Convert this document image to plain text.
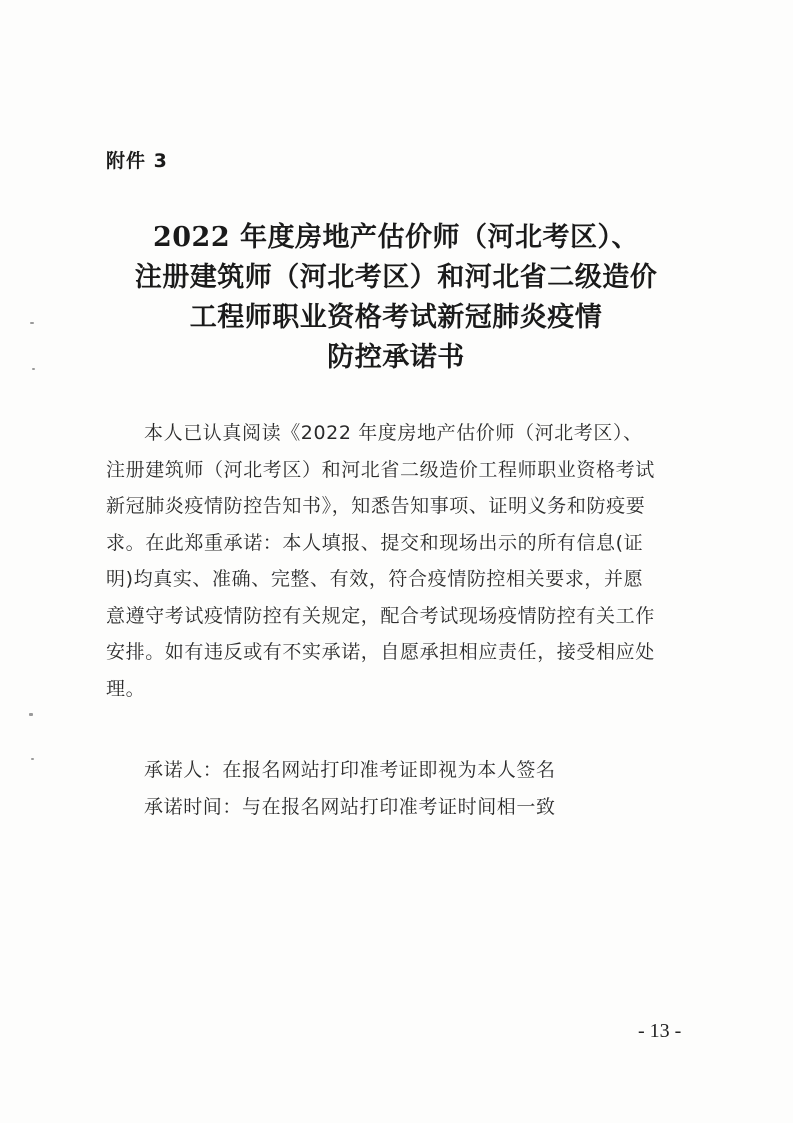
附件 3
2022 年度房地产估价师（河北考区）、
注册建筑师（河北考区）和河北省二级造价
工程师职业资格考试新冠肺炎疫情
防控承诺书
本人已认真阅读《2022 年度房地产估价师（河北考区）、
注册建筑师（河北考区）和河北省二级造价工程师职业资格考试
新冠肺炎疫情防控告知书》，知悉告知事项、证明义务和防疫要
求。在此郑重承诺：本人填报、提交和现场出示的所有信息(证
明)均真实、准确、完整、有效，符合疫情防控相关要求，并愿
意遵守考试疫情防控有关规定，配合考试现场疫情防控有关工作
安排。如有违反或有不实承诺，自愿承担相应责任，接受相应处
理。
承诺人：在报名网站打印准考证即视为本人签名
承诺时间：与在报名网站打印准考证时间相一致
- 13 -
